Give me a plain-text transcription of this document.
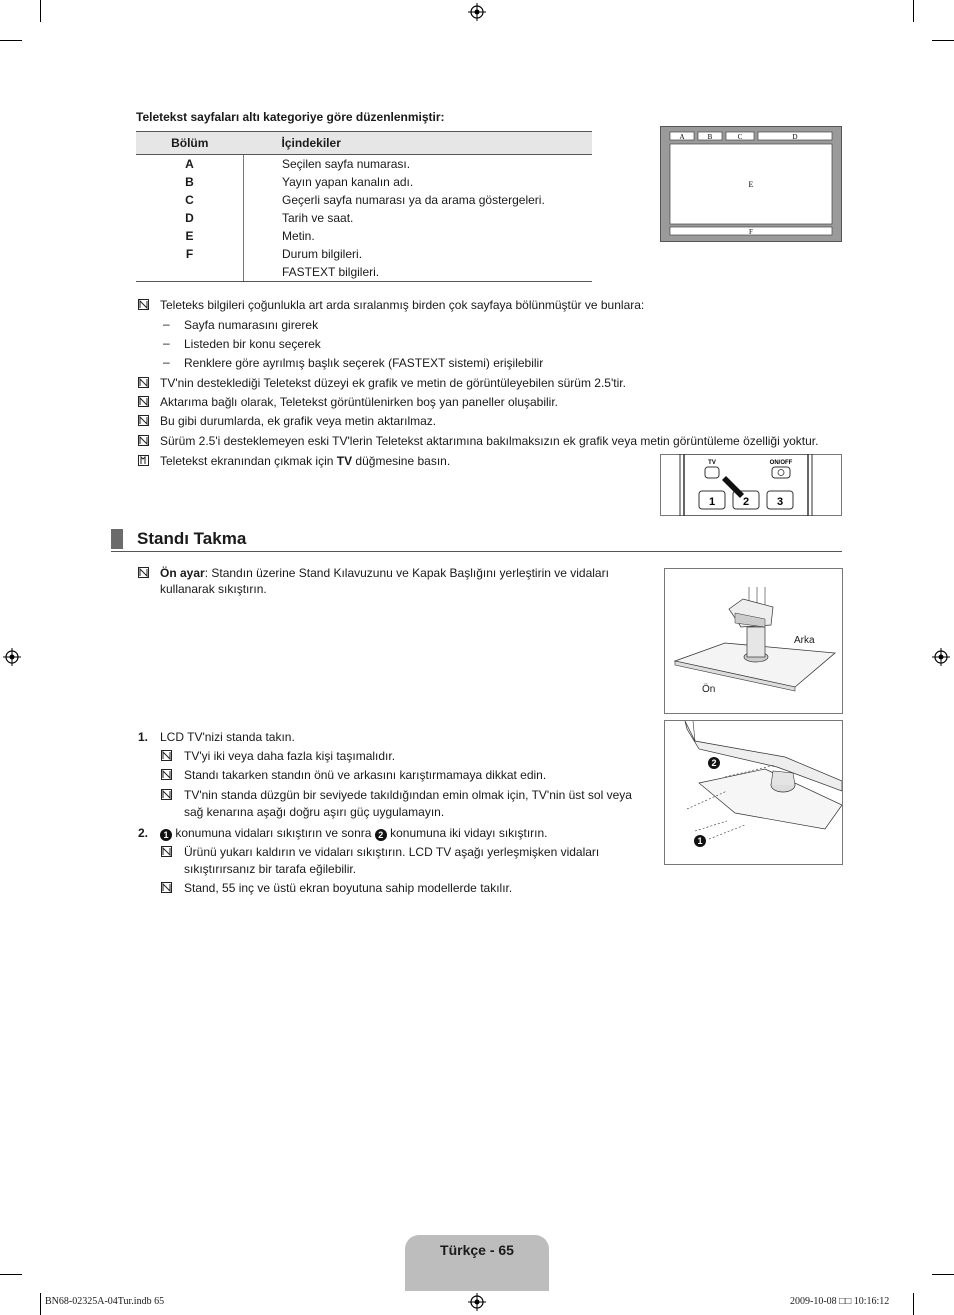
Teletekst sayfaları altı kategoriye göre düzenlenmiştir:
Bölüm	İçindekiler
A	Seçilen sayfa numarası.
B	Yayın yapan kanalın adı.
C	Geçerli sayfa numarası ya da arama göstergeleri.
D	Tarih ve saat.
E	Metin.
F	Durum bilgileri.
	FASTEXT bilgileri.
A	B	C	D
E
F
Teleteks bilgileri çoğunlukla art arda sıralanmış birden çok sayfaya bölünmüştür ve bunlara:
– Sayfa numarasını girerek
– Listeden bir konu seçerek
– Renklere göre ayrılmış başlık seçerek (FASTEXT sistemi) erişilebilir
TV'nin desteklediği Teletekst düzeyi ek grafik ve metin de görüntüleyebilen sürüm 2.5'tir.
Aktarıma bağlı olarak, Teletekst görüntülenirken boş yan paneller oluşabilir.
Bu gibi durumlarda, ek grafik veya metin aktarılmaz.
Sürüm 2.5'i desteklemeyen eski TV'lerin Teletekst aktarımına bakılmaksızın ek grafik veya metin görüntüleme özelliği yoktur.
Teletekst ekranından çıkmak için TV düğmesine basın.	TV	ON/OFF
1	2	3
Standı Takma
Ön ayar: Standın üzerine Stand Kılavuzunu ve Kapak Başlığını yerleştirin ve vidaları
kullanarak sıkıştırın.
Arka
Ön
1. LCD TV'nizi standa takın.
TV'yi iki veya daha fazla kişi taşımalıdır.
Standı takarken standın önü ve arkasını karıştırmamaya dikkat edin.
TV'nin standa düzgün bir seviyede takıldığından emin olmak için, TV'nin üst sol veya
sağ kenarına aşağı doğru aşırı güç uygulamayın.
2.	1 konumuna vidaları sıkıştırın ve sonra 2 konumuna iki vidayı sıkıştırın.
Ürünü yukarı kaldırın ve vidaları sıkıştırın. LCD TV aşağı yerleşmişken vidaları
sıkıştırırsanız bir tarafa eğilebilir.
Stand, 55 inç ve üstü ekran boyutuna sahip modellerde takılır.
2
1
Türkçe - 65
BN68-02325A-04Tur.indb 65	2009-10-08 □□ 10:16:12
